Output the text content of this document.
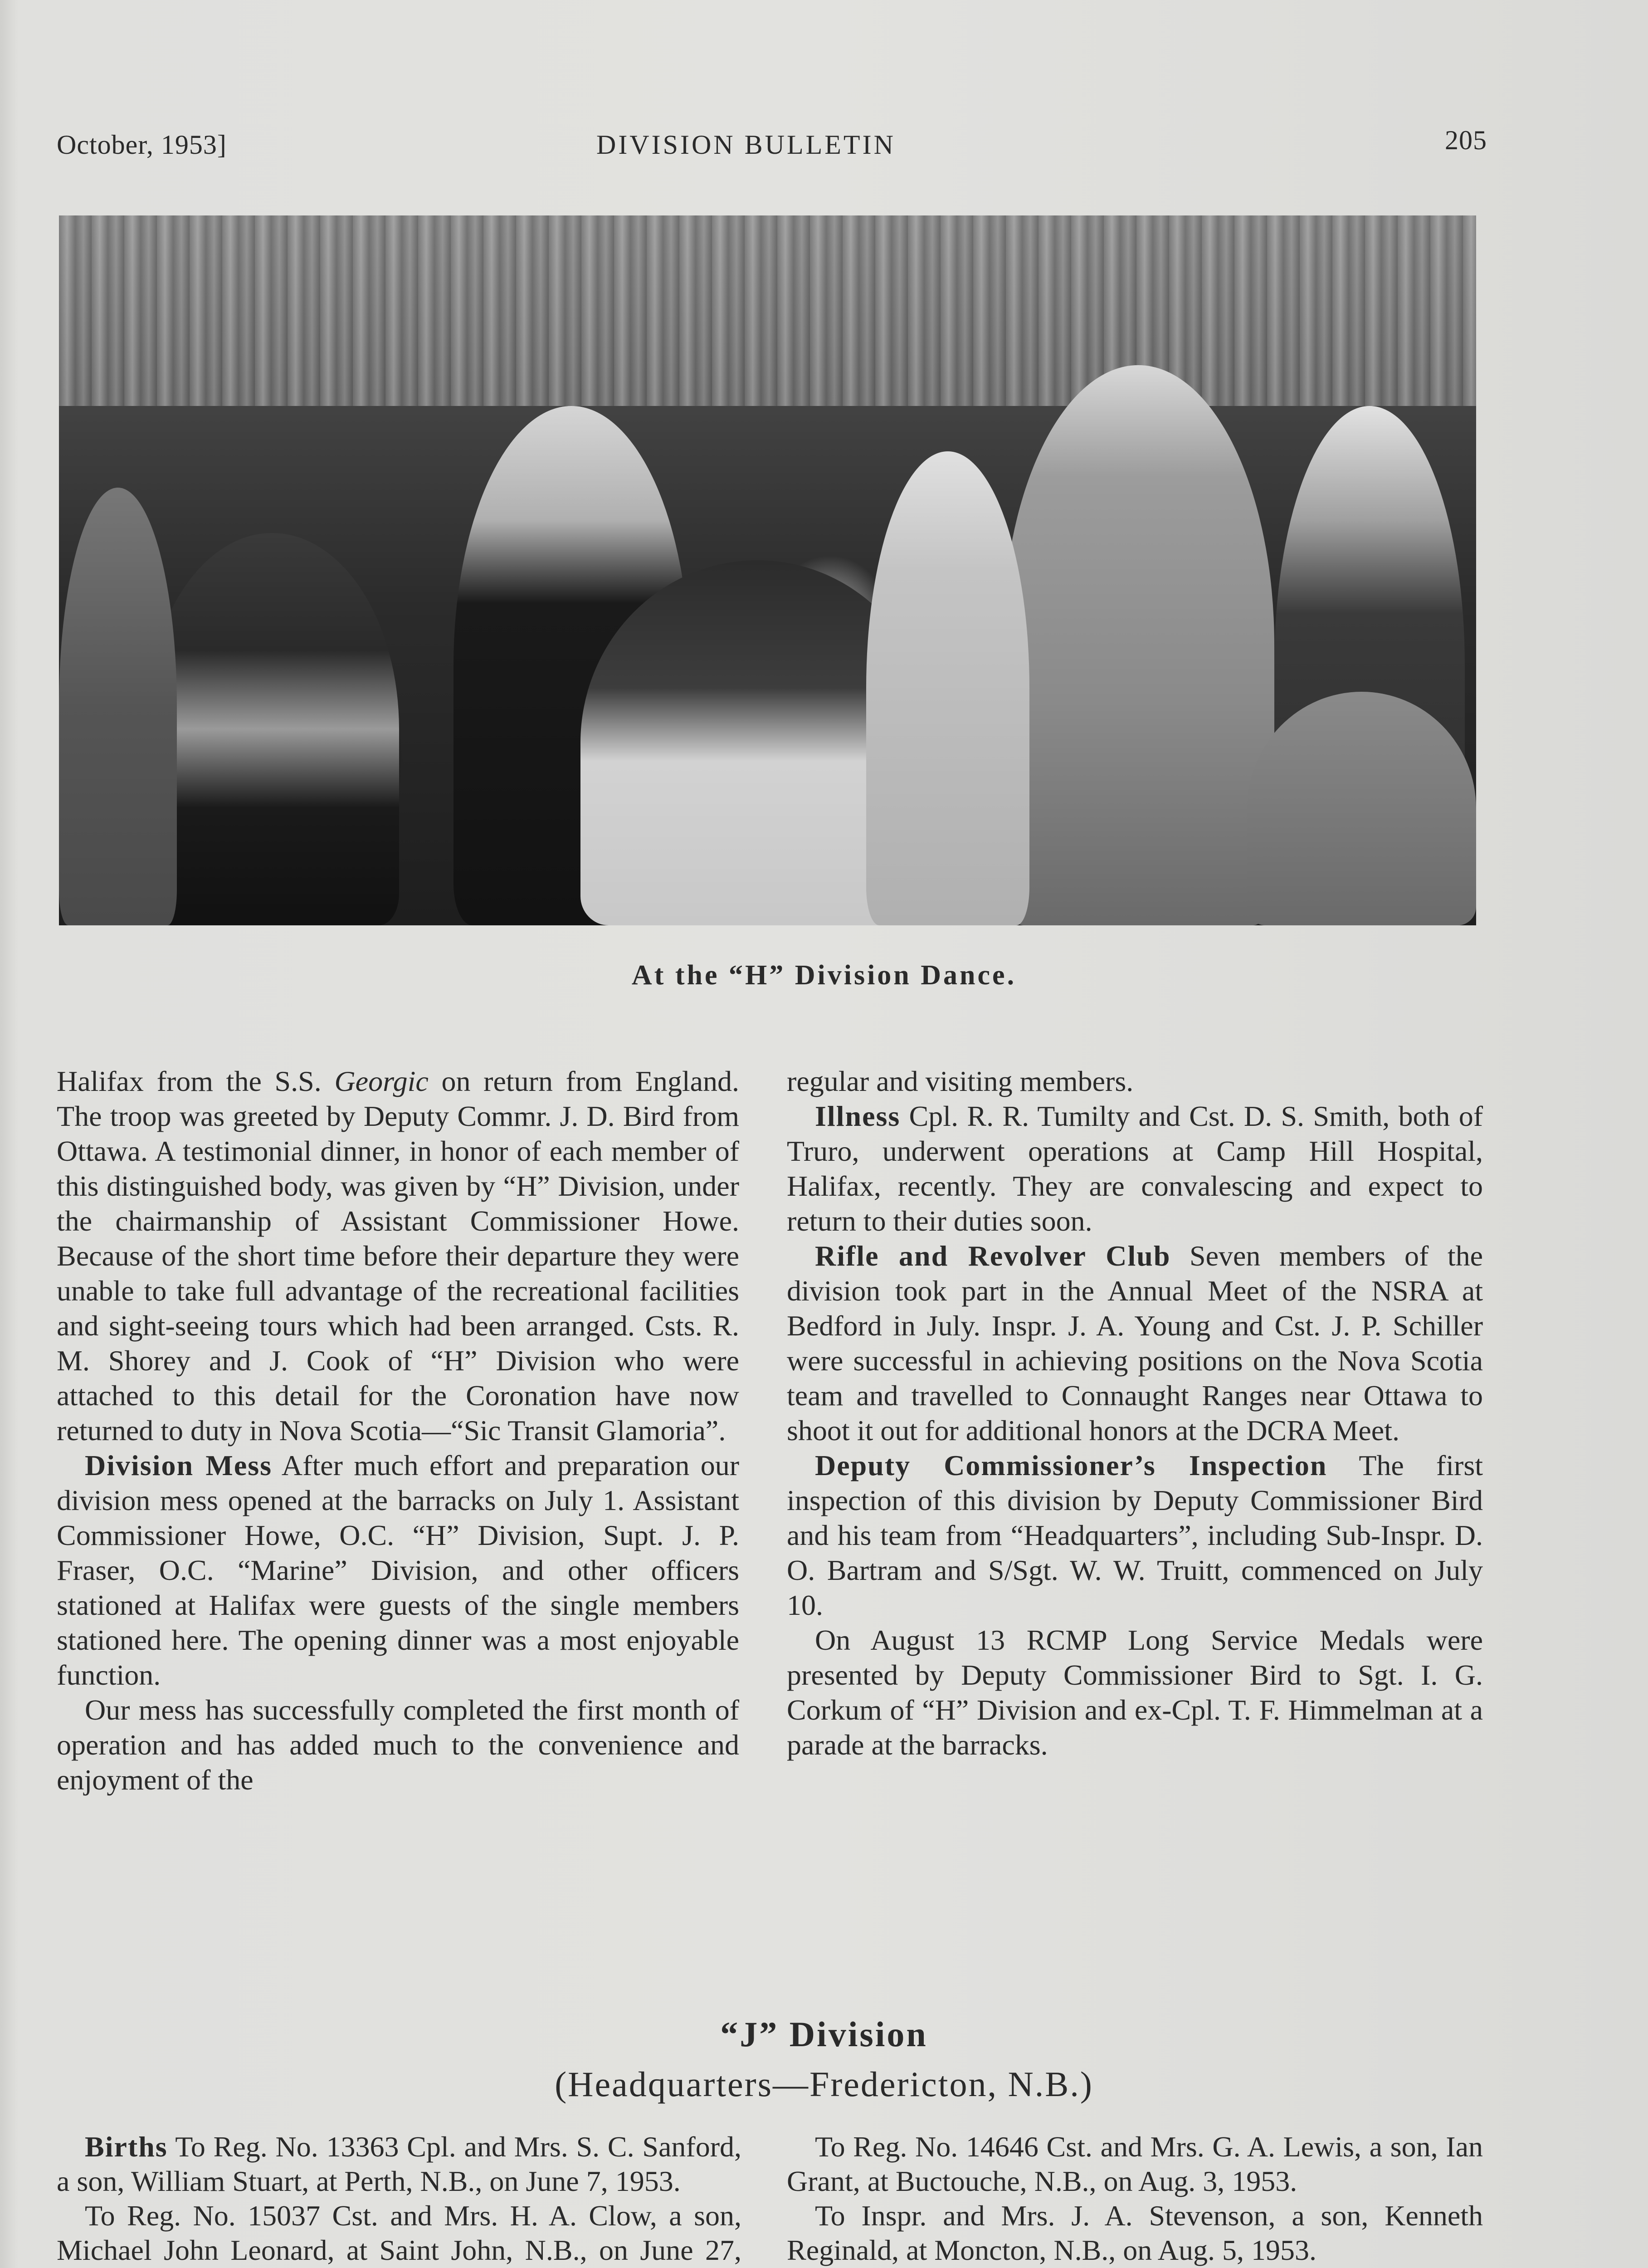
October, 1953]	DIVISION BULLETIN	205
At the “H” Division Dance.

Halifax from the S.S. Georgic on return from England. The troop was greeted by Deputy Commr. J. D. Bird from Ottawa. A testimonial dinner, in honor of each member of this distinguished body, was given by “H” Division, under the chairmanship of Assistant Commissioner Howe. Because of the short time before their departure they were unable to take full advantage of the recreational facilities and sight-seeing tours which had been arranged. Csts. R. M. Shorey and J. Cook of “H” Division who were attached to this detail for the Coronation have now returned to duty in Nova Scotia—“Sic Transit Glamoria”.

Division Mess After much effort and preparation our division mess opened at the barracks on July 1. Assistant Commissioner Howe, O.C. “H” Division, Supt. J. P. Fraser, O.C. “Marine” Division, and other officers stationed at Halifax were guests of the single members stationed here. The opening dinner was a most enjoyable function.

Our mess has successfully completed the first month of operation and has added much to the convenience and enjoyment of the

regular and visiting members.

Illness Cpl. R. R. Tumilty and Cst. D. S. Smith, both of Truro, underwent operations at Camp Hill Hospital, Halifax, recently. They are convalescing and expect to return to their duties soon.

Rifle and Revolver Club Seven members of the division took part in the Annual Meet of the NSRA at Bedford in July. Inspr. J. A. Young and Cst. J. P. Schiller were successful in achieving positions on the Nova Scotia team and travelled to Connaught Ranges near Ottawa to shoot it out for additional honors at the DCRA Meet.

Deputy Commissioner’s Inspection The first inspection of this division by Deputy Commissioner Bird and his team from “Headquarters”, including Sub-Inspr. D. O. Bartram and S/Sgt. W. W. Truitt, commenced on July 10.

On August 13 RCMP Long Service Medals were presented by Deputy Commissioner Bird to Sgt. I. G. Corkum of “H” Division and ex-Cpl. T. F. Himmelman at a parade at the barracks.

“J” Division
(Headquarters—Fredericton, N.B.)

Births To Reg. No. 13363 Cpl. and Mrs. S. C. Sanford, a son, William Stuart, at Perth, N.B., on June 7, 1953.

To Reg. No. 15037 Cst. and Mrs. H. A. Clow, a son, Michael John Leonard, at Saint John, N.B., on June 27,

To Reg. No. 14646 Cst. and Mrs. G. A. Lewis, a son, Ian Grant, at Buctouche, N.B., on Aug. 3, 1953.

To Inspr. and Mrs. J. A. Stevenson, a son, Kenneth Reginald, at Moncton, N.B., on Aug. 5, 1953.
